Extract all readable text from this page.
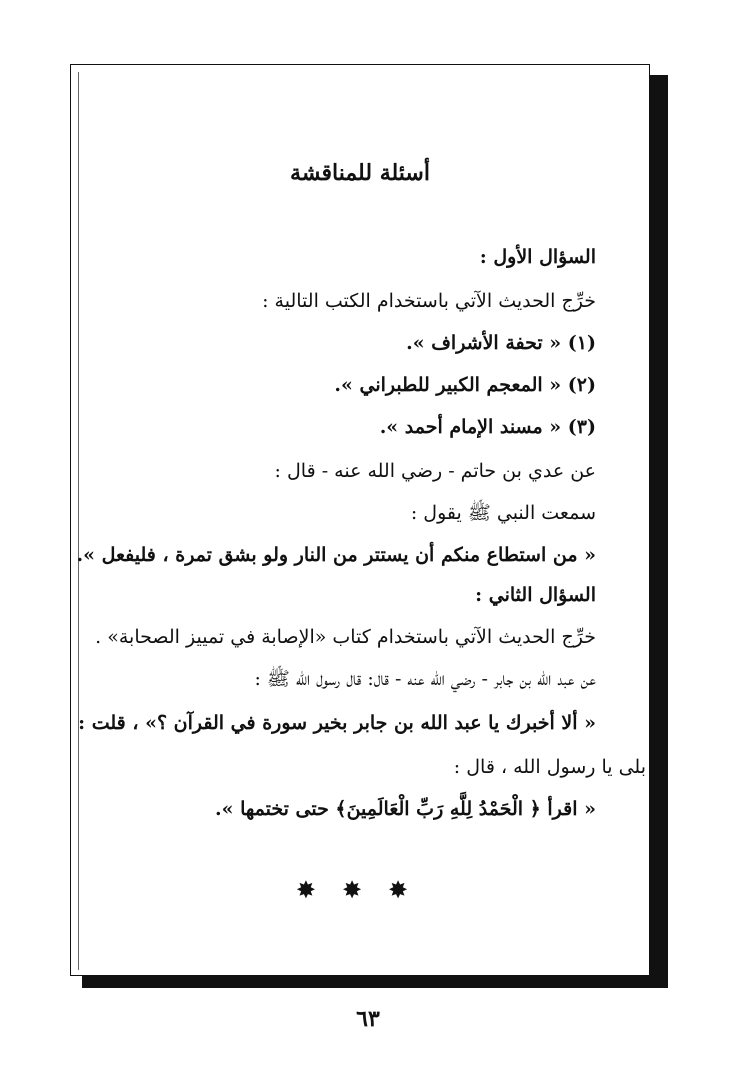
أسئلة للمناقشة
السؤال الأول :
خرِّج الحديث الآتي باستخدام الكتب التالية :
(١) « تحفة الأشراف ».
(٢) « المعجم الكبير للطبراني ».
(٣) « مسند الإمام أحمد ».
عن عدي بن حاتم - رضي الله عنه - قال :
سمعت النبي ﷺ يقول :
« من استطاع منكم أن يستتر من النار ولو بشق تمرة ، فليفعل ».
السؤال الثاني :
خرِّج الحديث الآتي باستخدام كتاب «الإصابة في تمييز الصحابة» .
عن عبد الله بن جابر - رضي الله عنه - قال: قال رسول الله ﷺ :
« ألا أخبرك يا عبد الله بن جابر بخير سورة في القرآن ؟» ، قلت :
بلى يا رسول الله ، قال :
« اقرأ ﴿ الْحَمْدُ لِلَّهِ رَبِّ الْعَالَمِينَ﴾ حتى تختمها ».
✸✸✸
٦٣
